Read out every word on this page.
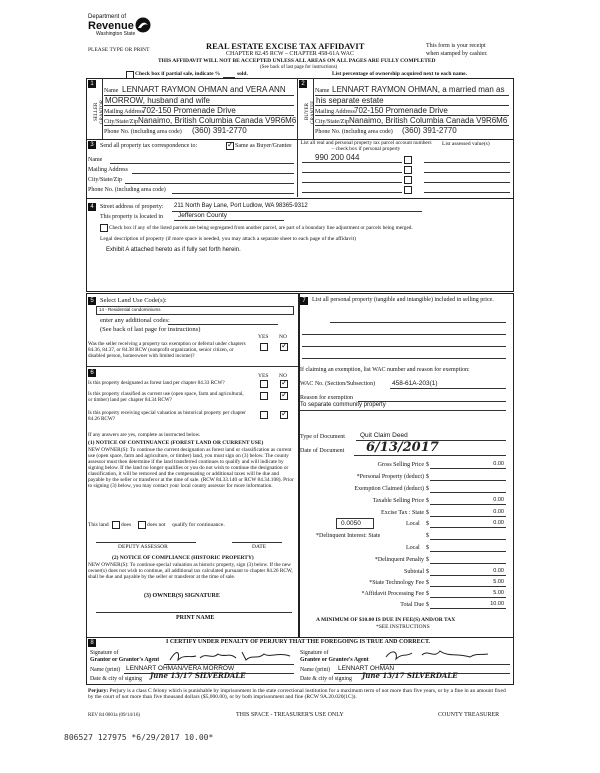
Department of
Revenue
Washington State
PLEASE TYPE OR PRINT	REAL ESTATE EXCISE TAX AFFIDAVIT
CHAPTER 82.45 RCW – CHAPTER 458-61A WAC
THIS AFFIDAVIT WILL NOT BE ACCEPTED UNLESS ALL AREAS ON ALL PAGES ARE FULLY COMPLETED
(See back of last page for instructions)
This form is your receipt
when stamped by cashier.
Check box if partial sale, indicate %	sold.	List percentage of ownership acquired next to each name.
1
SELLER GRANTOR
Name LENNART RAYMON OHMAN and VERA ANN
MORROW, husband and wife
Mailing Address
702-150 Promenade Drive
City/State/Zip Nanaimo, British Columbia Canada V9R6M6
Phone No. (including area code) (360) 391-2770
2
BUYER GRANTEE
Name LENNART RAYMON OHMAN, a married man as
his separate estate
Mailing Address 702-150 Promenade Drive
City/State/Zip Nanaimo, British Columbia Canada V9R6M6
Phone No. (including area code) (360) 391-2770
3	Send all property tax correspondence to:
✓	Same as Buyer/Grantee List all real and personal property tax parcel account numbers – check box if personal property
List assessed value(s)
Name
Mailing Address
City/State/Zip
Phone No. (including area code)
990 200 044
4	Street address of property: 211 North Bay Lane, Port Ludlow, WA 98365-9312
This property is located in Jefferson County
Check box if any of the listed parcels are being segregated from another parcel, are part of a boundary line adjustment or parcels being merged.
Legal description of property (if more space is needed, you may attach a separate sheet to each page of the affidavit)
Exhibit A attached hereto as if fully set forth herein.
5 Select Land Use Code(s):
14 - Residential condominiums
enter any additional codes:
(See back of last page for instructions)
YES NO
Was the seller receiving a property tax exemption or deferral under chapters 84.36, 84.37, or 84.38 RCW (nonprofit organization, senior citizen, or disabled person, homeowner with limited income)?
✓
6	YES NO
Is this property designated as forest land per chapter 84.33 RCW?
✓
Is this property classified as current use (open space, farm and agricultural, or timber) land per chapter 84.34 RCW?
✓
Is this property receiving special valuation as historical property per chapter 84.26 RCW?
✓
If any answers are yes, complete as instructed below.
(1) NOTICE OF CONTINUANCE (FOREST LAND OR CURRENT USE)
NEW OWNER(S): To continue the current designation as forest land or classification as current use (open space, farm and agriculture, or timber) land, you must sign on (3) below. The county assessor must then determine if the land transferred continues to qualify and will indicate by signing below. If the land no longer qualifies or you do not wish to continue the designation or classification, it will be removed and the compensating or additional taxes will be due and payable by the seller or transferor at the time of sale. (RCW 84.33.140 or RCW 84.34.108). Prior to signing (3) below, you may contact your local county assessor for more information.
This land does	does not qualify for continuance.
DEPUTY ASSESSOR	DATE
(2) NOTICE OF COMPLIANCE (HISTORIC PROPERTY)
NEW OWNER(S): To continue special valuation as historic property, sign (3) below. If the new owner(s) does not wish to continue, all additional tax calculated pursuant to chapter 84.26 RCW, shall be due and payable by the seller or transferor at the time of sale.
(3) OWNER(S) SIGNATURE
PRINT NAME
7	List all personal property (tangible and intangible) included in selling price.
If claiming an exemption, list WAC number and reason for exemption:
WAC No. (Section/Subsection)	458-61A-203(1)
Reason for exemption
To separate community property
Type of Document Quit Claim Deed
Date of Document 6/13/2017
Gross Selling Price $	0.00
*Personal Property (deduct) $
Exemption Claimed (deduct) $
Taxable Selling Price $	0.00
Excise Tax : State $	0.00
0.0050	Local $	0.00
*Delinquent Interest: State	$
Local $
*Delinquent Penalty $
Subtotal $	0.00
*State Technology Fee $	5.00
*Affidavit Processing Fee $	5.00
Total Due $	10.00
A MINIMUM OF $10.00 IS DUE IN FEE(S) AND/OR TAX
*SEE INSTRUCTIONS
8	I CERTIFY UNDER PENALTY OF PERJURY THAT THE FOREGOING IS TRUE AND CORRECT.
Signature of
Grantor or Grantor's Agent
Name (print) LENNART OHMAN/VERA MORROW
Date & city of signing June 13/17 SILVERDALE
Signature of
Grantee or Grantee's Agent
Name (print) LENNART OHMAN
Date & city of signing June 13/17 SILVERDALE
Perjury: Perjury is a class C felony which is punishable by imprisonment in the state correctional institution for a maximum term of not more than five years, or by a fine in an amount fixed by the court of not more than five thousand dollars ($5,000.00), or by both imprisonment and fine (RCW 9A.20.020(1C)).
REV 84 0001a (09/14/16)	THIS SPACE - TREASURER'S USE ONLY	COUNTY TREASURER
806527 127975 *6/29/2017 10.00*
